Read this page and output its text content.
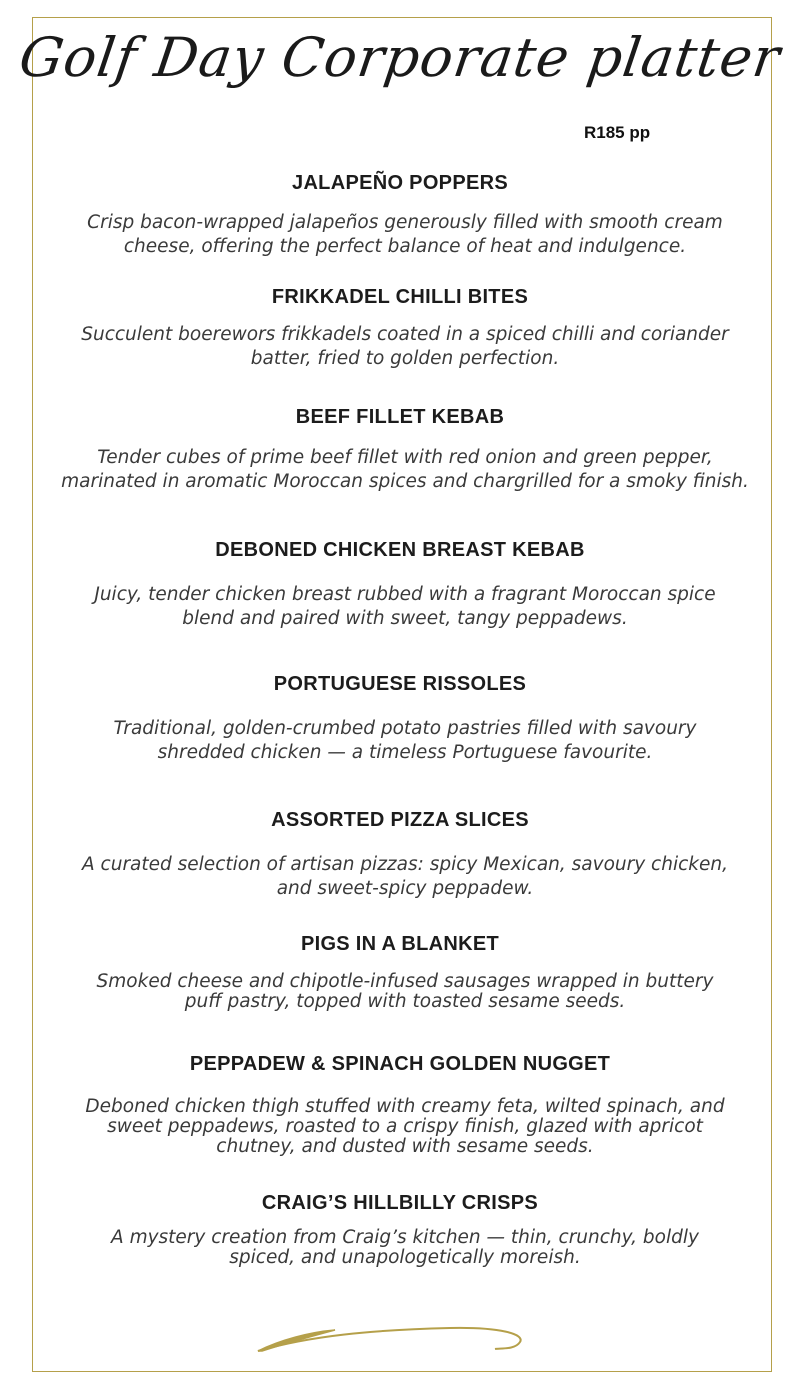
Golf Day Corporate platter
R185 pp
JALAPEÑO POPPERS
Crisp bacon-wrapped jalapeños generously filled with smooth cream
cheese, offering the perfect balance of heat and indulgence.
FRIKKADEL CHILLI BITES
Succulent boerewors frikkadels coated in a spiced chilli and coriander
batter, fried to golden perfection.
BEEF FILLET KEBAB
Tender cubes of prime beef fillet with red onion and green pepper,
marinated in aromatic Moroccan spices and chargrilled for a smoky finish.
DEBONED CHICKEN BREAST KEBAB
Juicy, tender chicken breast rubbed with a fragrant Moroccan spice
blend and paired with sweet, tangy peppadews.
PORTUGUESE RISSOLES
Traditional, golden-crumbed potato pastries filled with savoury
shredded chicken — a timeless Portuguese favourite.
ASSORTED PIZZA SLICES
A curated selection of artisan pizzas: spicy Mexican, savoury chicken,
and sweet-spicy peppadew.
PIGS IN A BLANKET
Smoked cheese and chipotle-infused sausages wrapped in buttery
puff pastry, topped with toasted sesame seeds.
PEPPADEW & SPINACH GOLDEN NUGGET
Deboned chicken thigh stuffed with creamy feta, wilted spinach, and
sweet peppadews, roasted to a crispy finish, glazed with apricot
chutney, and dusted with sesame seeds.
CRAIG’S HILLBILLY CRISPS
A mystery creation from Craig’s kitchen — thin, crunchy, boldly
spiced, and unapologetically moreish.
